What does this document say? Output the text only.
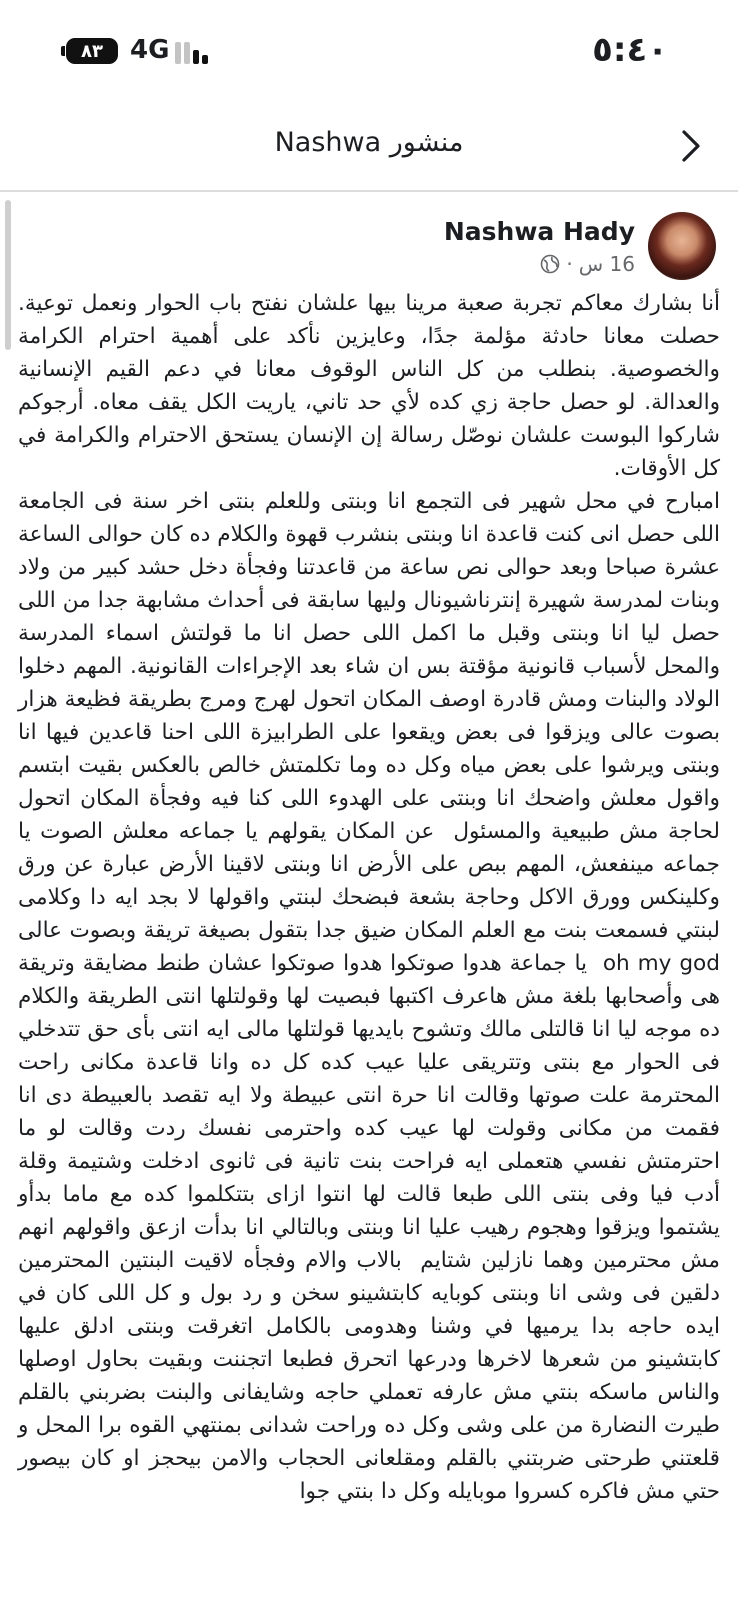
٨٣ 4G	٥:٤٠
منشور Nashwa
Nashwa Hady
16 س
·

أنا بشارك معاكم تجربة صعبة مرينا بيها علشان نفتح باب الحوار ونعمل توعية. حصلت معانا حادثة مؤلمة جدًا، وعايزين نأكد على أهمية احترام الكرامة والخصوصية. بنطلب من كل الناس الوقوف معانا في دعم القيم الإنسانية والعدالة. لو حصل حاجة زي كده لأي حد تاني، ياريت الكل يقف معاه. أرجوكم شاركوا البوست علشان نوصّل رسالة إن الإنسان يستحق الاحترام والكرامة في كل الأوقات.

امبارح في محل شهير فى التجمع انا وبنتى وللعلم بنتى اخر سنة فى الجامعة اللى حصل انى كنت قاعدة انا وبنتى بنشرب قهوة والكلام ده كان حوالى الساعة عشرة صباحا وبعد حوالى نص ساعة من قاعدتنا وفجأة دخل حشد كبير من ولاد وبنات لمدرسة شهيرة إنترناشيونال وليها سابقة فى أحداث مشابهة جدا من اللى حصل ليا انا وبنتى وقبل ما اكمل اللى حصل انا ما قولتش اسماء المدرسة والمحل لأسباب قانونية مؤقتة بس ان شاء بعد الإجراءات القانونية. المهم دخلوا الولاد والبنات ومش قادرة اوصف المكان اتحول لهرج ومرج بطريقة فظيعة هزار بصوت عالى ويزقوا فى بعض ويقعوا على الطرابيزة اللى احنا قاعدين فيها انا وبنتى ويرشوا على بعض مياه وكل ده وما تكلمتش خالص بالعكس بقيت ابتسم واقول معلش واضحك انا وبنتى على الهدوء اللى كنا فيه وفجأة المكان اتحول لحاجة مش طبيعية والمسئول  عن المكان يقولهم يا جماعه معلش الصوت يا جماعه مينفعش، المهم ببص على الأرض انا وبنتى لاقينا الأرض عبارة عن ورق وكلينكس وورق الاكل وحاجة بشعة فبضحك لبنتي واقولها لا بجد ايه دا وكلامى لبنتي فسمعت بنت مع العلم المكان ضيق جدا بتقول بصيغة تريقة وبصوت عالى  oh my god  يا جماعة هدوا صوتكوا هدوا صوتكوا عشان طنط مضايقة وتريقة هى وأصحابها بلغة مش هاعرف اكتبها فبصيت لها وقولتلها انتى الطريقة والكلام ده موجه ليا انا قالتلى مالك وتشوح بايديها قولتلها مالى ايه انتى بأى حق تتدخلي فى الحوار مع بنتى وتتريقى عليا عيب كده كل ده وانا قاعدة مكانى راحت المحترمة علت صوتها وقالت انا حرة انتى عبيطة ولا ايه تقصد بالعبيطة دى انا فقمت من مكانى وقولت لها عيب كده واحترمى نفسك ردت وقالت لو ما احترمتش نفسي هتعملى ايه فراحت بنت تانية فى ثانوى ادخلت وشتيمة وقلة أدب فيا وفى بنتى اللى طبعا قالت لها انتوا ازاى بتتكلموا كده مع ماما بدأو يشتموا ويزقوا وهجوم رهيب عليا انا وبنتى وبالتالي انا بدأت ازعق واقولهم انهم مش محترمين وهما نازلين شتايم  بالاب والام وفجأه لاقيت البنتين المحترمين دلقين فى وشى انا وبنتى كوبايه كابتشينو سخن و رد بول و كل اللى كان في ايده حاجه بدا يرميها في وشنا وهدومى بالكامل اتغرقت وبنتى ادلق عليها كابتشينو من شعرها لاخرها ودرعها اتحرق فطبعا اتجننت وبقيت بحاول اوصلها والناس ماسكه بنتي مش عارفه تعملي حاجه وشايفانى والبنت بضربني بالقلم طيرت النضارة من على وشى وكل ده وراحت شدانى بمنتهي القوه برا المحل و قلعتني طرحتى ضربتني بالقلم ومقلعانى الحجاب والامن بيحجز او كان بيصور حتي مش فاكره كسروا موبايله وكل دا بنتي جوا
